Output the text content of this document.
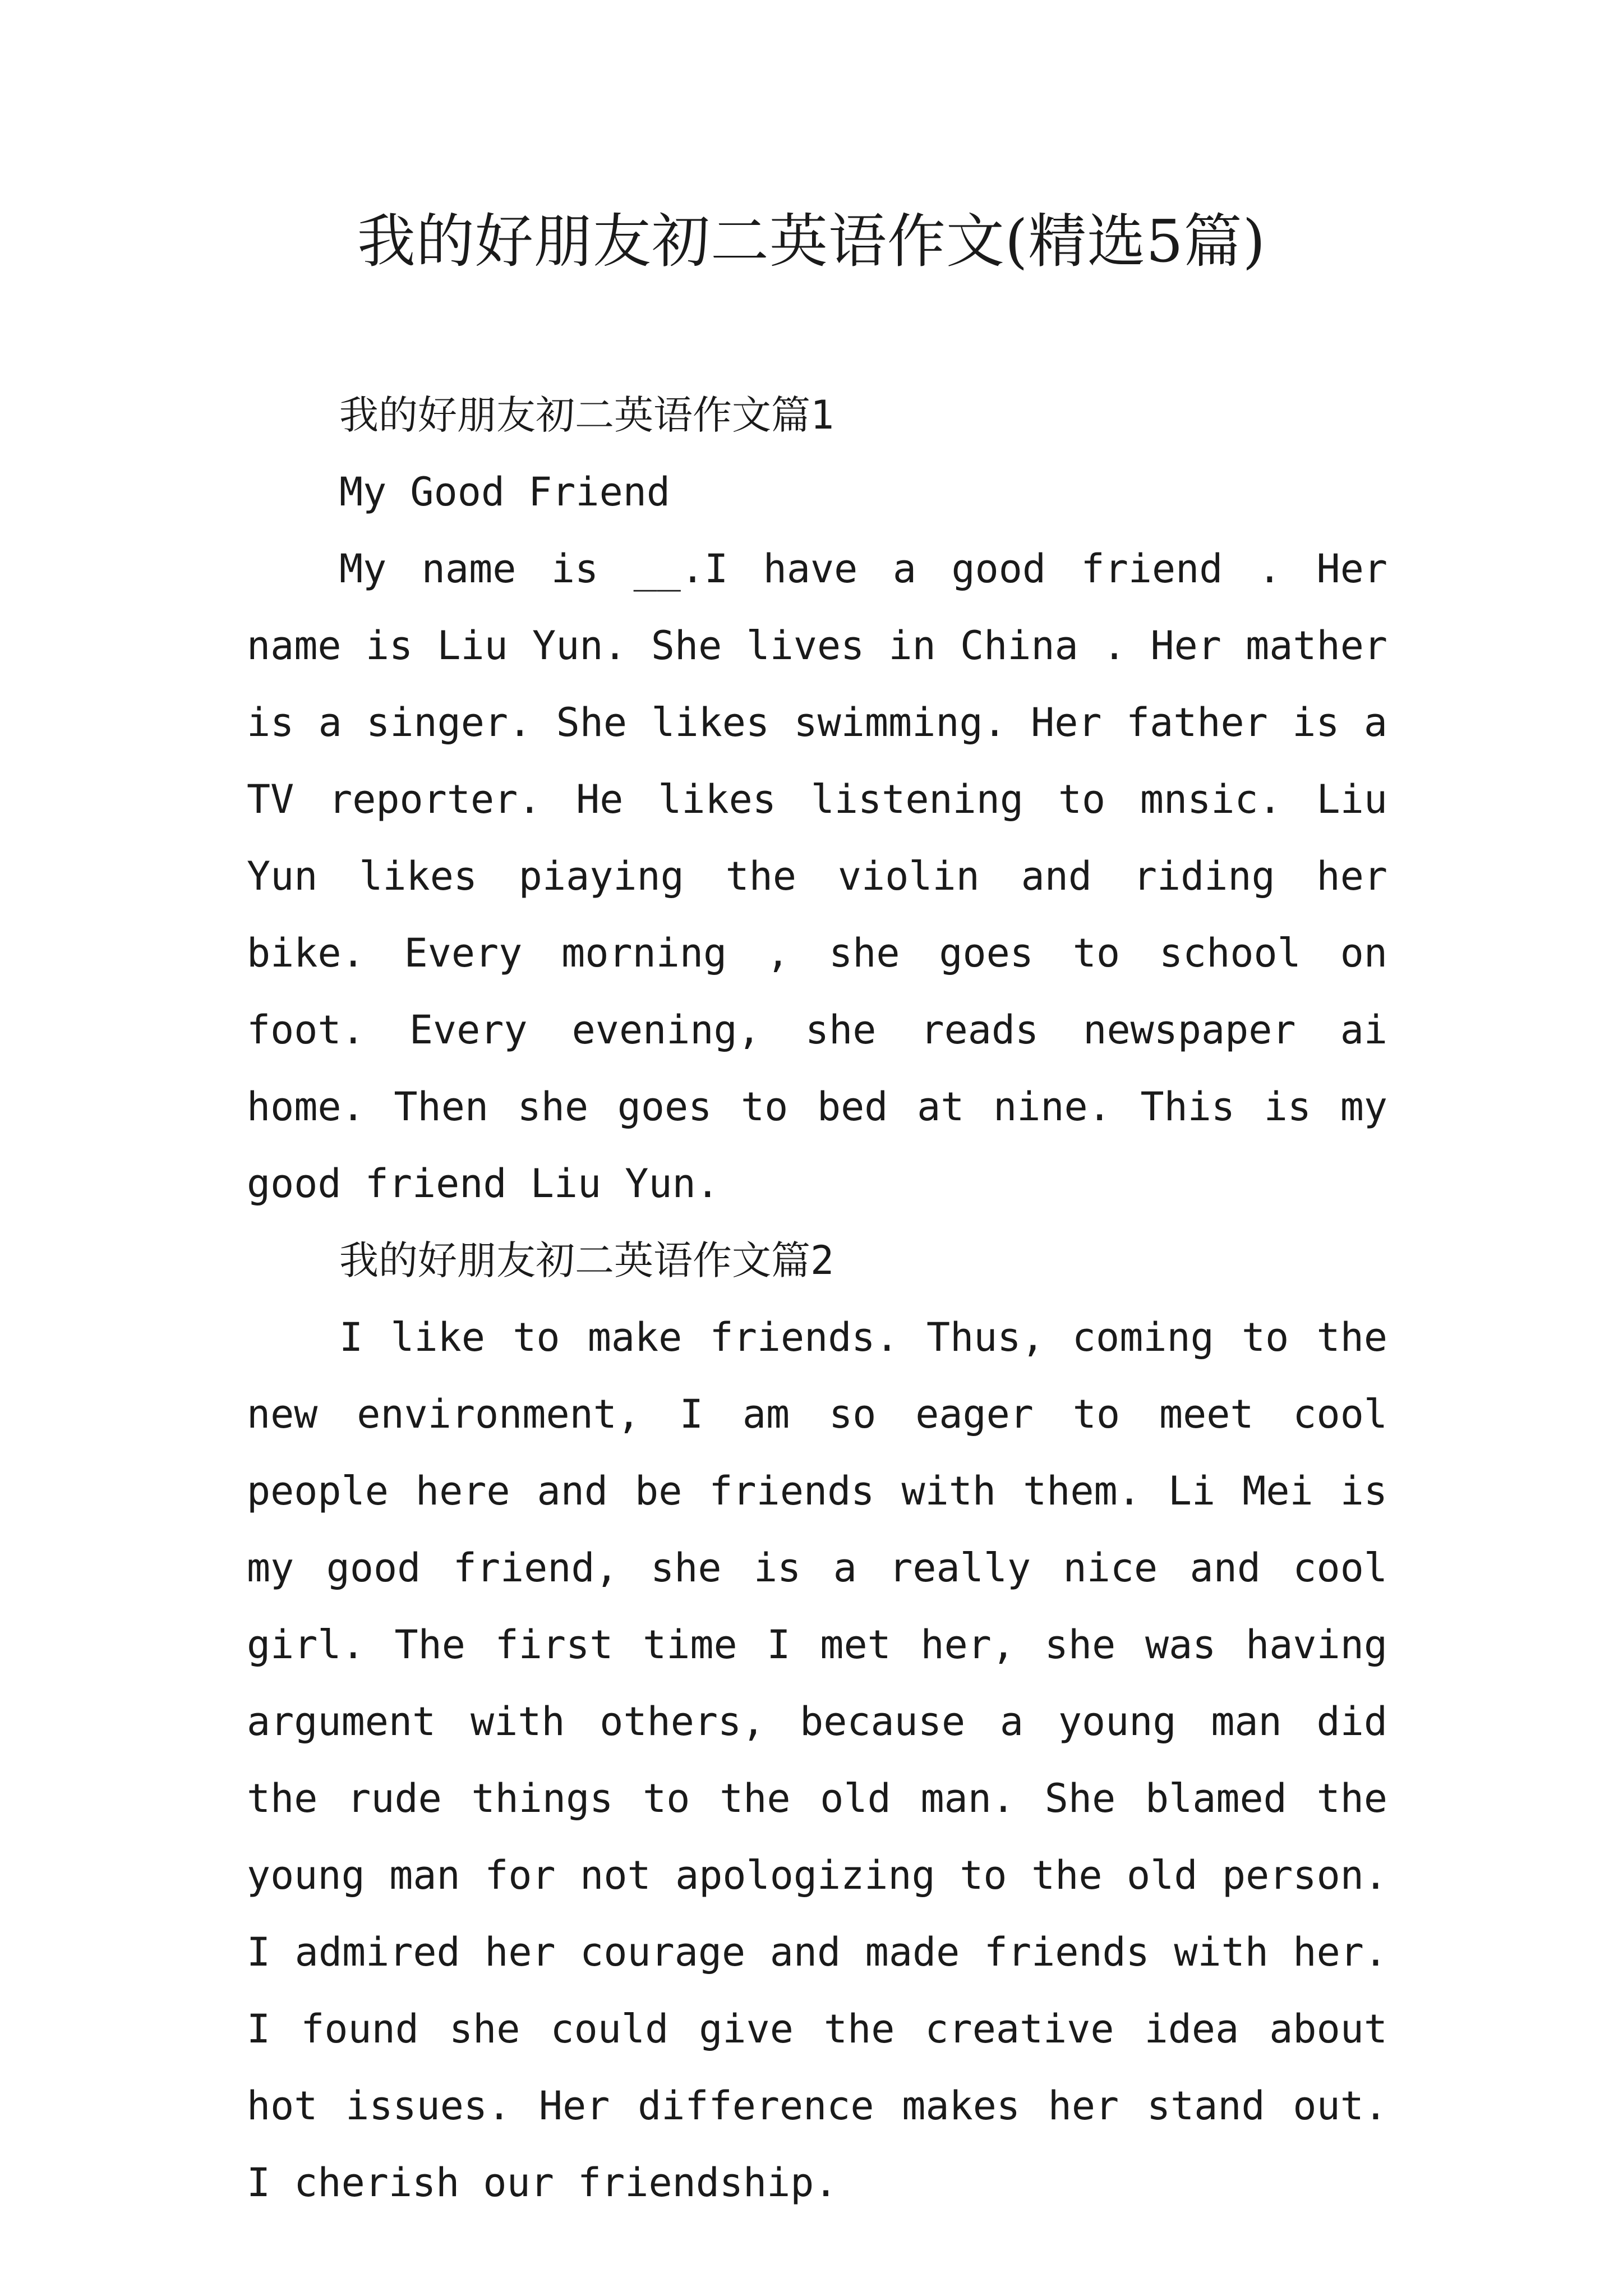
我的好朋友初二英语作文(精选5篇)

我的好朋友初二英语作文篇1

My Good Friend

My name is __.I have a good friend . Her name is Liu Yun. She lives in China . Her mather is a singer. She likes swimming. Her father is a TV reporter. He likes listening to mnsic. Liu Yun likes piaying the violin and riding her bike. Every morning , she goes to school on foot. Every evening, she reads newspaper ai home. Then she goes to bed at nine. This is my good friend Liu Yun.

我的好朋友初二英语作文篇2

I like to make friends. Thus, coming to the new environment, I am so eager to meet cool people here and be friends with them. Li Mei is my good friend, she is a really nice and cool girl. The first time I met her, she was having argument with others, because a young man did the rude things to the old man. She blamed the young man for not apologizing to the old person. I admired her courage and made friends with her. I found she could give the creative idea about hot issues. Her difference makes her stand out. I cherish our friendship.
